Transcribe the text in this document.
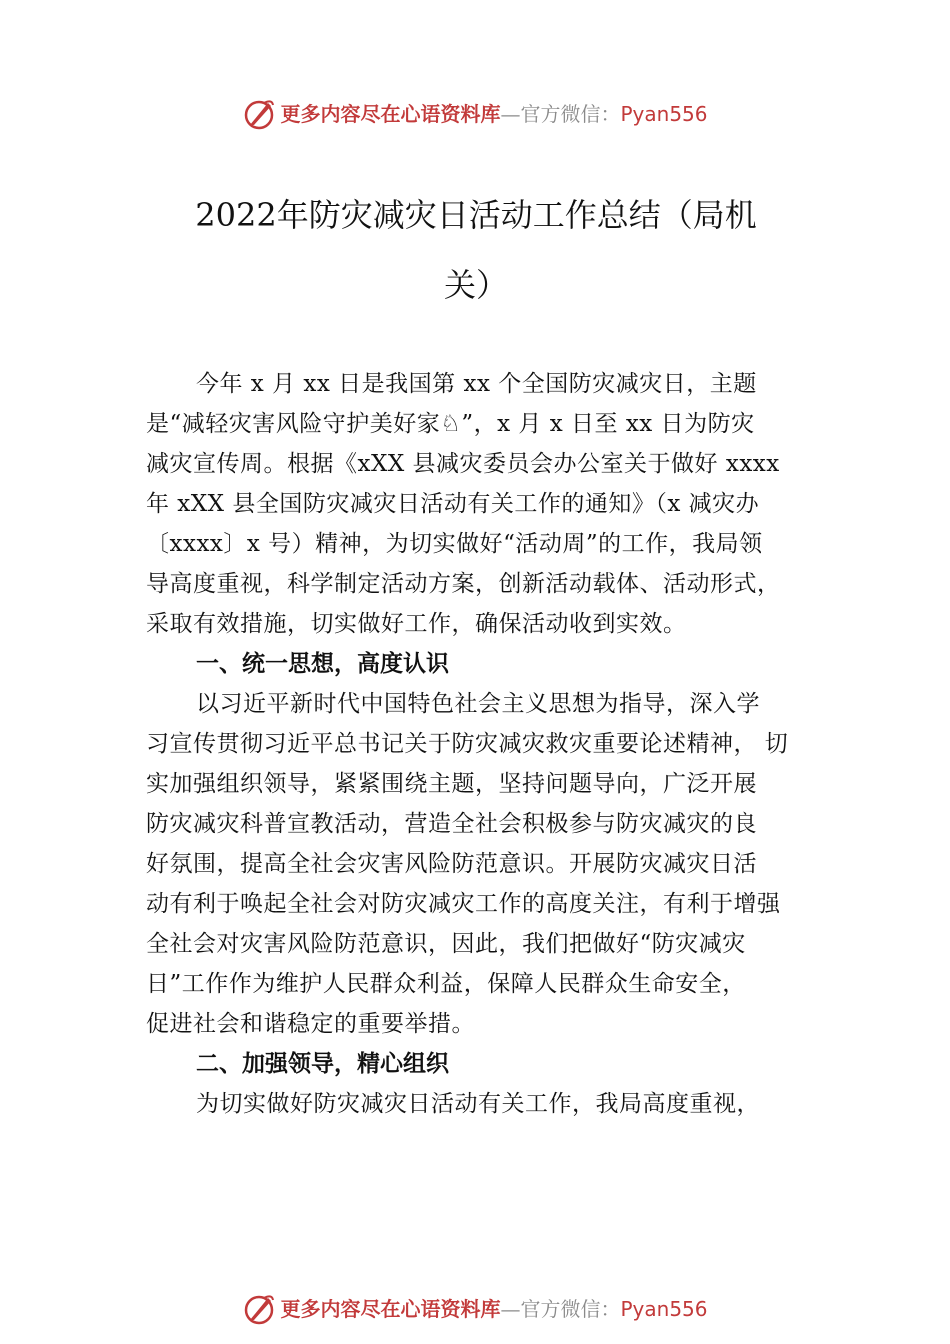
更多内容尽在心语资料库 —官方微信： Pyan556
2022年防灾减灾日活动工作总结（局机
关）
今年 x 月 xx 日是我国第 xx 个全国防灾减灾日，主题
是“减轻灾害风险守护美好家♘”，x 月 x 日至 xx 日为防灾
减灾宣传周。根据《xXX 县减灾委员会办公室关于做好 xxxx
年 xXX 县全国防灾减灾日活动有关工作的通知》（x 减灾办
〔xxxx〕x 号）精神，为切实做好“活动周”的工作，我局领
导高度重视，科学制定活动方案，创新活动载体、活动形式，
采取有效措施，切实做好工作，确保活动收到实效。
一、统一思想，高度认识
以习近平新时代中国特色社会主义思想为指导，深入学
习宣传贯彻习近平总书记关于防灾减灾救灾重要论述精神， 切
实加强组织领导，紧紧围绕主题，坚持问题导向，广泛开展
防灾减灾科普宣教活动，营造全社会积极参与防灾减灾的良
好氛围，提高全社会灾害风险防范意识。开展防灾减灾日活
动有利于唤起全社会对防灾减灾工作的高度关注，有利于增强
全社会对灾害风险防范意识，因此，我们把做好“防灾减灾
日”工作作为维护人民群众利益，保障人民群众生命安全，
促进社会和谐稳定的重要举措。
二、加强领导，精心组织
为切实做好防灾减灾日活动有关工作，我局高度重视，
更多内容尽在心语资料库 —官方微信： Pyan556
